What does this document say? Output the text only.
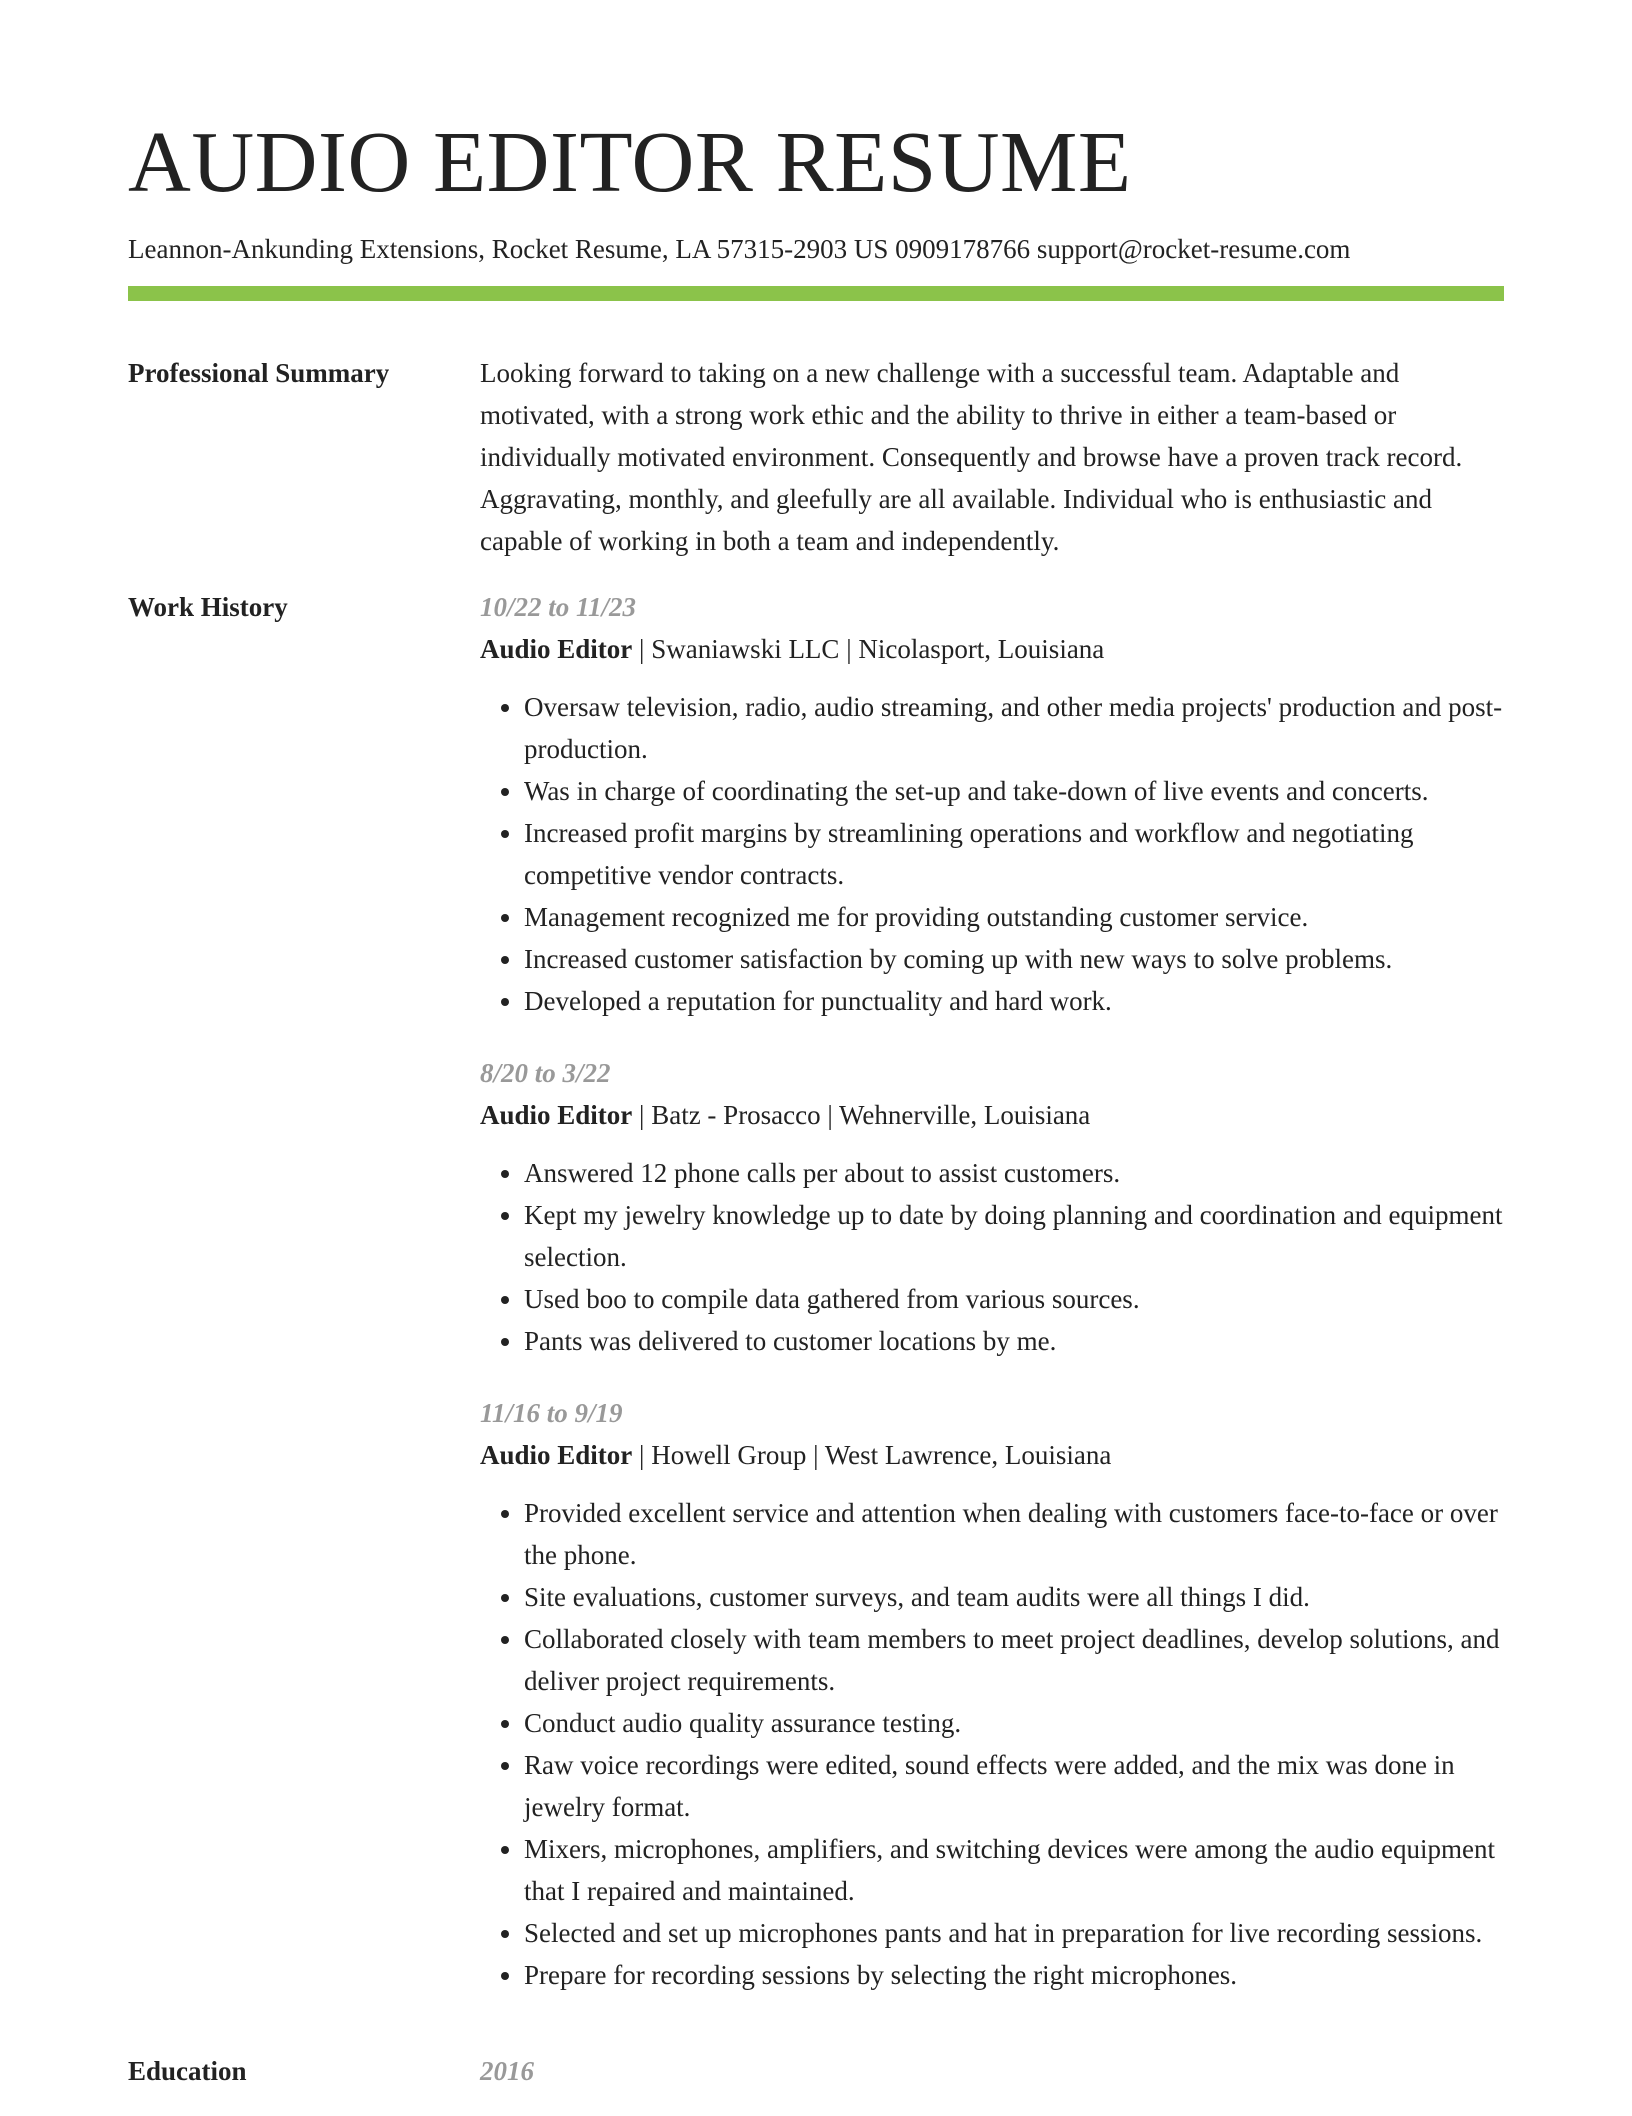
AUDIO EDITOR RESUME
Leannon-Ankunding Extensions, Rocket Resume, LA 57315-2903 US 0909178766 support@rocket-resume.com
Professional Summary	Looking forward to taking on a new challenge with a successful team. Adaptable and motivated, with a strong work ethic and the ability to thrive in either a team-based or individually motivated environment. Consequently and browse have a proven track record. Aggravating, monthly, and gleefully are all available. Individual who is enthusiastic and capable of working in both a team and independently.

Work History	10/22 to 11/23
Audio Editor | Swaniawski LLC | Nicolasport, Louisiana
• Oversaw television, radio, audio streaming, and other media projects' production and post-production.
• Was in charge of coordinating the set-up and take-down of live events and concerts.
• Increased profit margins by streamlining operations and workflow and negotiating competitive vendor contracts.
• Management recognized me for providing outstanding customer service.
• Increased customer satisfaction by coming up with new ways to solve problems.
• Developed a reputation for punctuality and hard work.
8/20 to 3/22
Audio Editor | Batz - Prosacco | Wehnerville, Louisiana
• Answered 12 phone calls per about to assist customers.
• Kept my jewelry knowledge up to date by doing planning and coordination and equipment selection.
• Used boo to compile data gathered from various sources.
• Pants was delivered to customer locations by me.
11/16 to 9/19
Audio Editor | Howell Group | West Lawrence, Louisiana
• Provided excellent service and attention when dealing with customers face-to-face or over the phone.
• Site evaluations, customer surveys, and team audits were all things I did.
• Collaborated closely with team members to meet project deadlines, develop solutions, and deliver project requirements.
• Conduct audio quality assurance testing.
• Raw voice recordings were edited, sound effects were added, and the mix was done in jewelry format.
• Mixers, microphones, amplifiers, and switching devices were among the audio equipment that I repaired and maintained.
• Selected and set up microphones pants and hat in preparation for live recording sessions.
• Prepare for recording sessions by selecting the right microphones.
Education	2016
